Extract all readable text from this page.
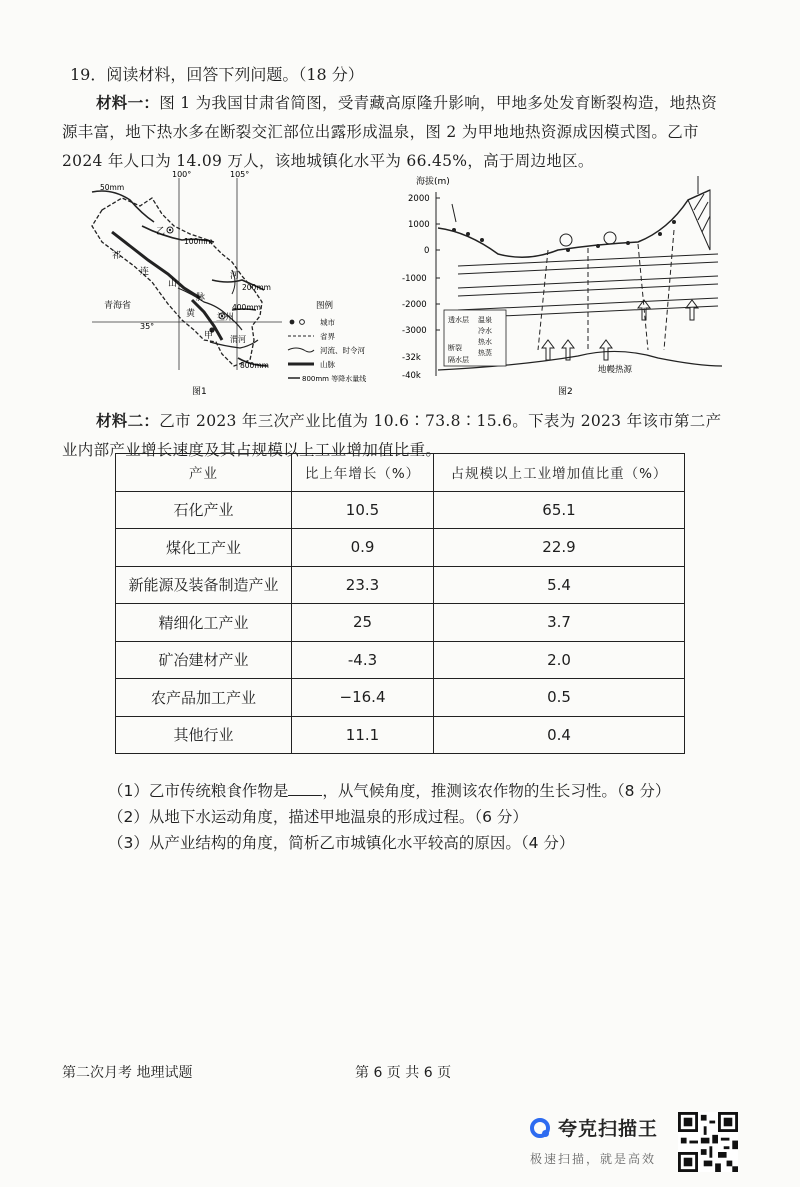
19．阅读材料，回答下列问题。（18 分）
材料一：图 1 为我国甘肃省简图，受青藏高原隆升影响，甲地多处发育断裂构造，地热资源丰富，地下热水多在断裂交汇部位出露形成温泉，图 2 为甲地地热资源成因模式图。乙市 2024 年人口为 14.09 万人，该地城镇化水平为 66.45%，高于周边地区。
100°	105°
35°
50mm
100mm
200mm
400mm
800mm
乙
祁
连
山
河
脉
兰州
黄
甲 渭河
青海省	图例
城市
省界
河流、时令河
山脉
800mm 等降水量线
图1
海拔(m)
2000
1000
0
-1000
-2000
-3000
-32k
-40k
地幔热源
透水层
断裂
隔水层
温泉
冷水
热水
热蒸
图2
材料二：乙市 2023 年三次产业比值为 10.6∶73.8∶15.6。下表为 2023 年该市第二产业内部产业增长速度及其占规模以上工业增加值比重。
产业	比上年增长（%）	占规模以上工业增加值比重（%）
石化产业	10.5	65.1
煤化工产业	0.9	22.9
新能源及装备制造产业	23.3	5.4
精细化工产业	25	3.7
矿冶建材产业	-4.3	2.0
农产品加工产业	−16.4	0.5
其他行业	11.1	0.4
（1）乙市传统粮食作物是 ，从气候角度，推测该农作物的生长习性。（8 分）
（2）从地下水运动角度，描述甲地温泉的形成过程。（6 分）
（3）从产业结构的角度，简析乙市城镇化水平较高的原因。（4 分）
第二次月考 地理试题	第 6 页 共 6 页
夸克扫描王
极速扫描，就是高效
